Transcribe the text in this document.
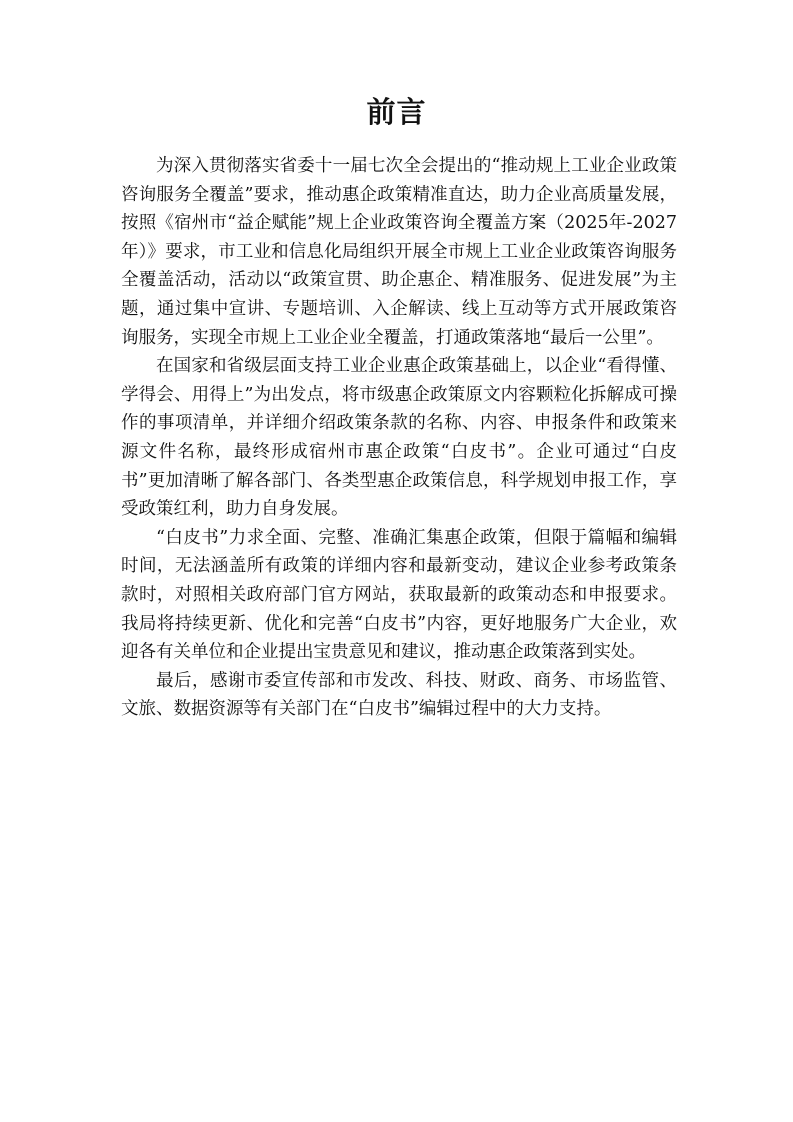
前言

为深入贯彻落实省委十一届七次全会提出的“推动规上工业企业政策咨询服务全覆盖”要求，推动惠企政策精准直达，助力企业高质量发展，按照《宿州市“益企赋能”规上企业政策咨询全覆盖方案（2025年-2027年）》要求，市工业和信息化局组织开展全市规上工业企业政策咨询服务全覆盖活动，活动以“政策宣贯、助企惠企、精准服务、促进发展”为主题，通过集中宣讲、专题培训、入企解读、线上互动等方式开展政策咨询服务，实现全市规上工业企业全覆盖，打通政策落地“最后一公里”。

在国家和省级层面支持工业企业惠企政策基础上，以企业“看得懂、学得会、用得上”为出发点，将市级惠企政策原文内容颗粒化拆解成可操作的事项清单，并详细介绍政策条款的名称、内容、申报条件和政策来源文件名称，最终形成宿州市惠企政策“白皮书”。企业可通过“白皮书”更加清晰了解各部门、各类型惠企政策信息，科学规划申报工作，享受政策红利，助力自身发展。

“白皮书”力求全面、完整、准确汇集惠企政策，但限于篇幅和编辑时间，无法涵盖所有政策的详细内容和最新变动，建议企业参考政策条款时，对照相关政府部门官方网站，获取最新的政策动态和申报要求。我局将持续更新、优化和完善“白皮书”内容，更好地服务广大企业，欢迎各有关单位和企业提出宝贵意见和建议，推动惠企政策落到实处。

最后，感谢市委宣传部和市发改、科技、财政、商务、市场监管、文旅、数据资源等有关部门在“白皮书”编辑过程中的大力支持。
